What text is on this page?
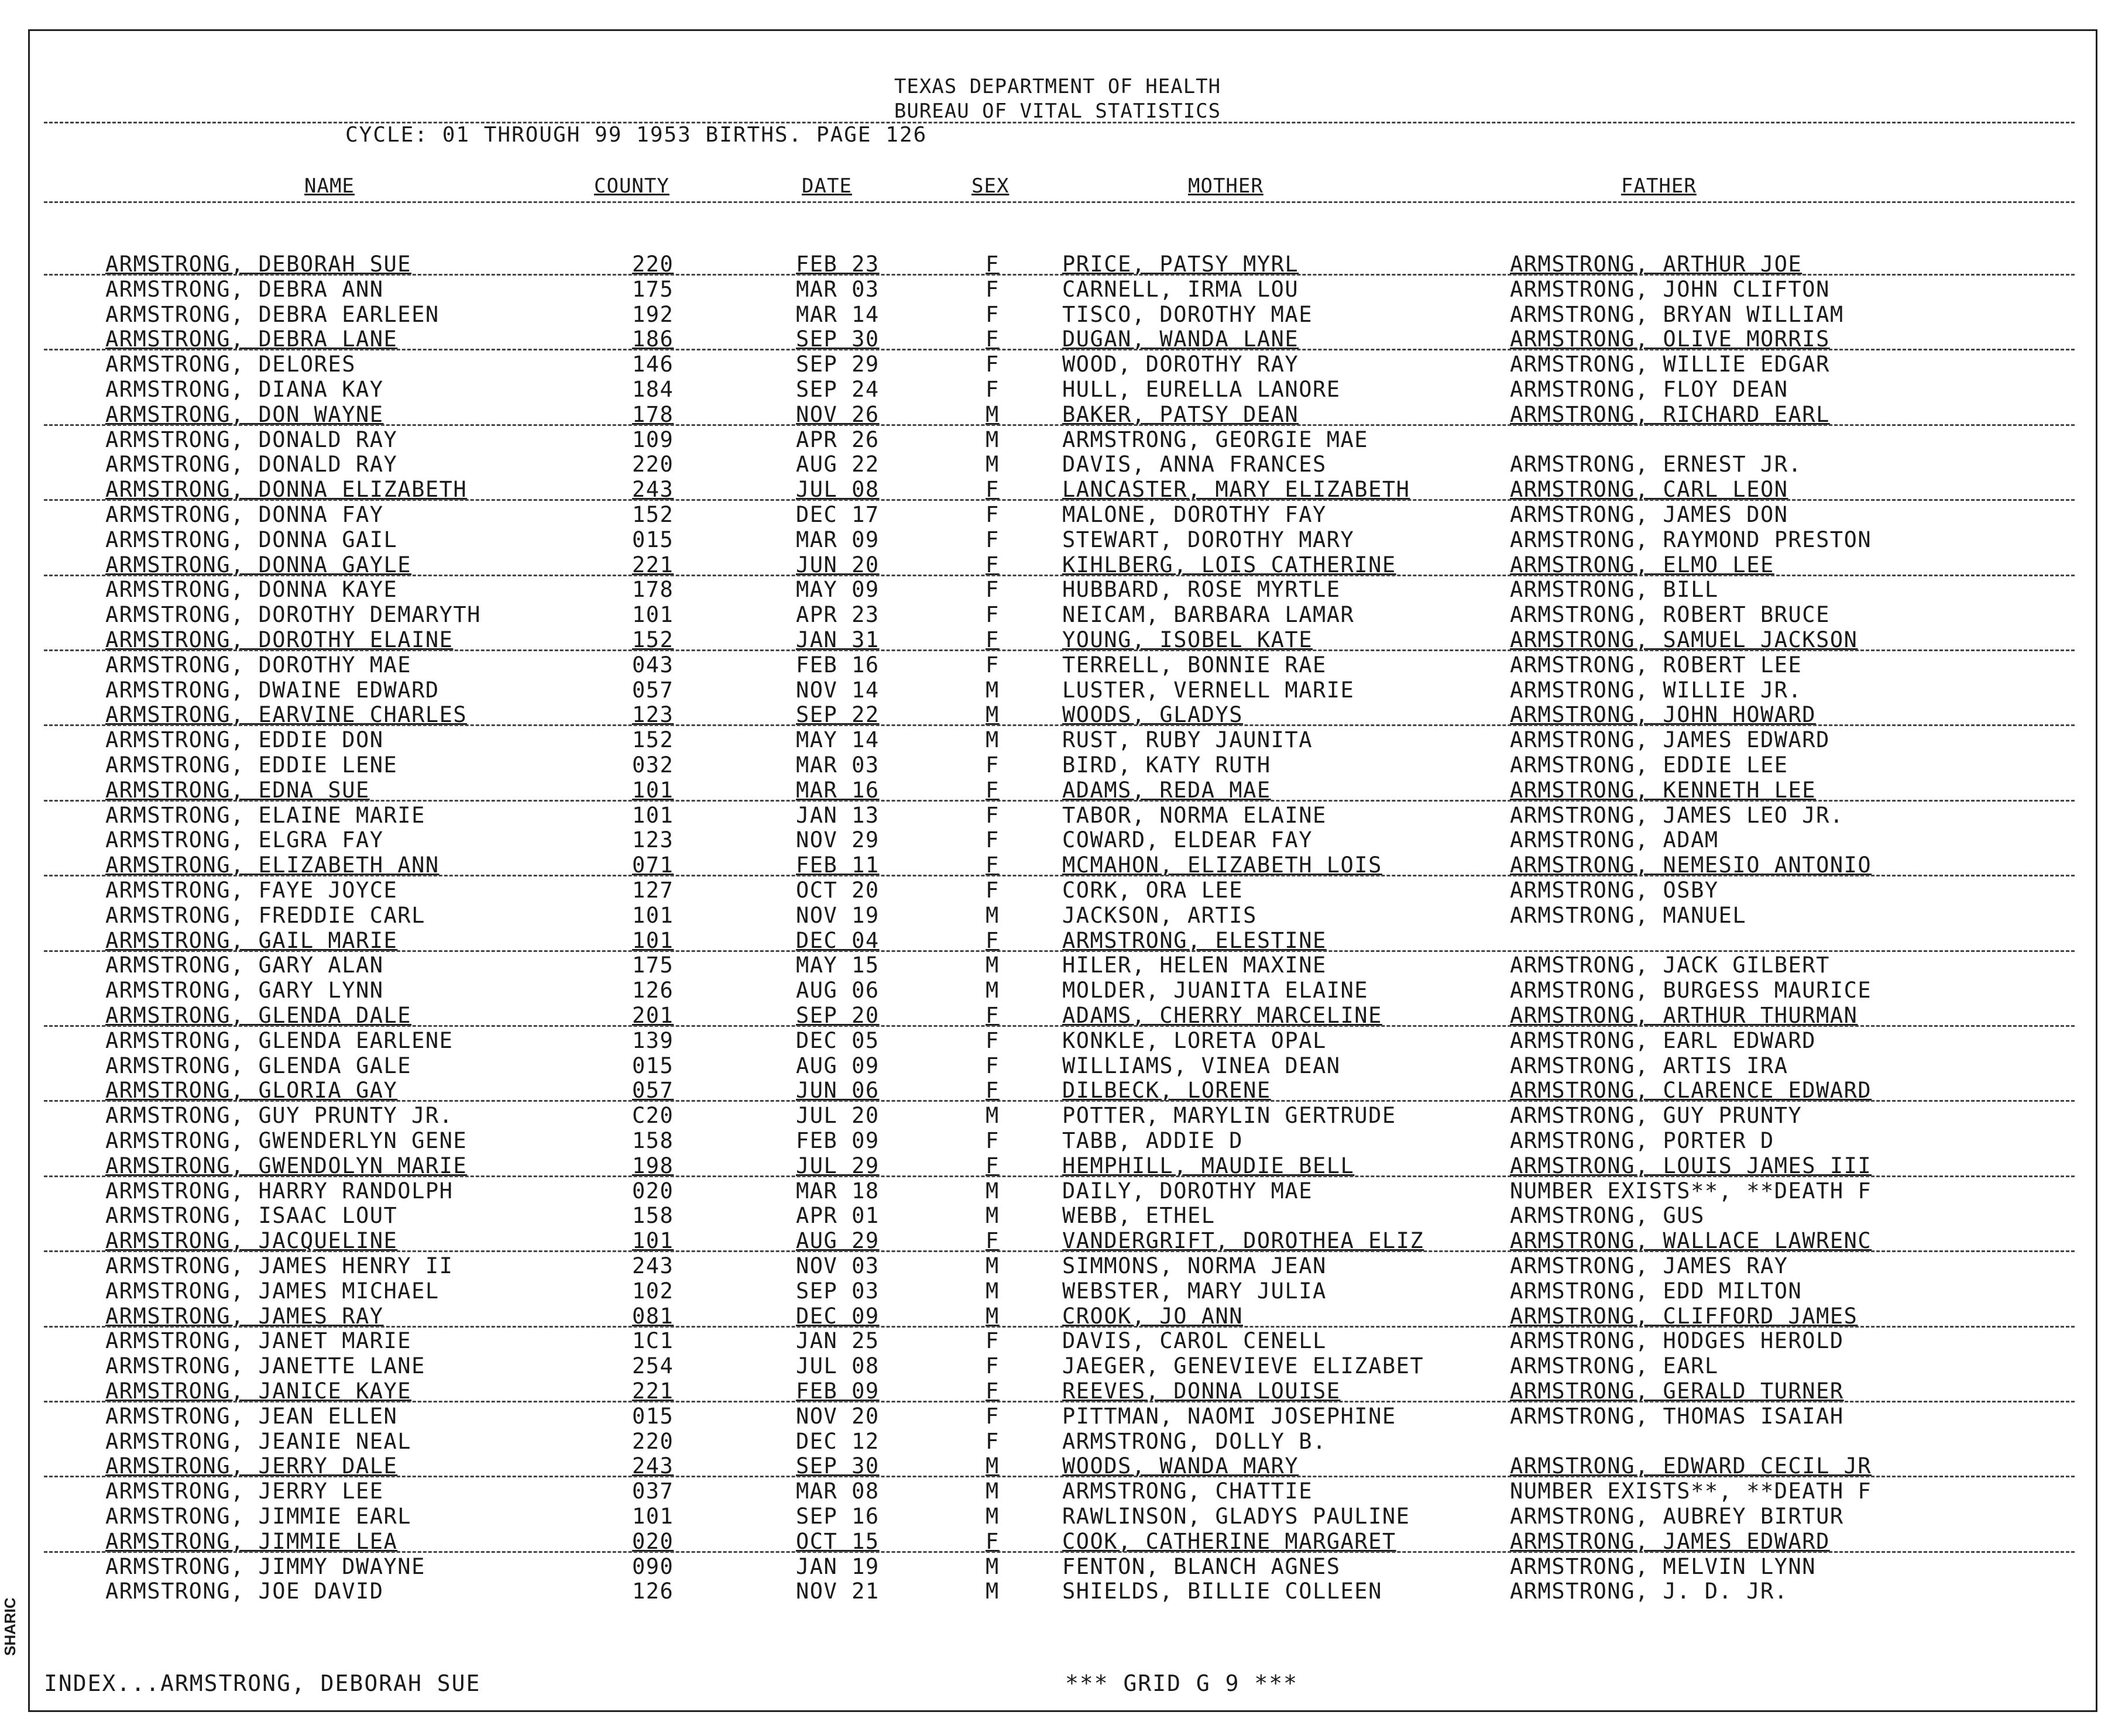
TEXAS DEPARTMENT OF HEALTH
BUREAU OF VITAL STATISTICS
CYCLE: 01 THROUGH 99 1953 BIRTHS. PAGE 126
NAME	COUNTY	DATE	SEX	MOTHER	FATHER
ARMSTRONG, DEBORAH SUE	220	FEB 23	F	PRICE, PATSY MYRL	ARMSTRONG, ARTHUR JOE
ARMSTRONG, DEBRA ANN	175	MAR 03	F	CARNELL, IRMA LOU	ARMSTRONG, JOHN CLIFTON
ARMSTRONG, DEBRA EARLEEN	192	MAR 14	F	TISCO, DOROTHY MAE	ARMSTRONG, BRYAN WILLIAM
ARMSTRONG, DEBRA LANE	186	SEP 30	F	DUGAN, WANDA LANE	ARMSTRONG, OLIVE MORRIS
ARMSTRONG, DELORES	146	SEP 29	F	WOOD, DOROTHY RAY	ARMSTRONG, WILLIE EDGAR
ARMSTRONG, DIANA KAY	184	SEP 24	F	HULL, EURELLA LANORE	ARMSTRONG, FLOY DEAN
ARMSTRONG, DON WAYNE	178	NOV 26	M	BAKER, PATSY DEAN	ARMSTRONG, RICHARD EARL
ARMSTRONG, DONALD RAY	109	APR 26	M	ARMSTRONG, GEORGIE MAE
ARMSTRONG, DONALD RAY	220	AUG 22	M	DAVIS, ANNA FRANCES	ARMSTRONG, ERNEST JR.
ARMSTRONG, DONNA ELIZABETH	243	JUL 08	F	LANCASTER, MARY ELIZABETH	ARMSTRONG, CARL LEON
ARMSTRONG, DONNA FAY	152	DEC 17	F	MALONE, DOROTHY FAY	ARMSTRONG, JAMES DON
ARMSTRONG, DONNA GAIL	015	MAR 09	F	STEWART, DOROTHY MARY	ARMSTRONG, RAYMOND PRESTON
ARMSTRONG, DONNA GAYLE	221	JUN 20	F	KIHLBERG, LOIS CATHERINE	ARMSTRONG, ELMO LEE
ARMSTRONG, DONNA KAYE	178	MAY 09	F	HUBBARD, ROSE MYRTLE	ARMSTRONG, BILL
ARMSTRONG, DOROTHY DEMARYTH	101	APR 23	F	NEICAM, BARBARA LAMAR	ARMSTRONG, ROBERT BRUCE
ARMSTRONG, DOROTHY ELAINE	152	JAN 31	F	YOUNG, ISOBEL KATE	ARMSTRONG, SAMUEL JACKSON
ARMSTRONG, DOROTHY MAE	043	FEB 16	F	TERRELL, BONNIE RAE	ARMSTRONG, ROBERT LEE
ARMSTRONG, DWAINE EDWARD	057	NOV 14	M	LUSTER, VERNELL MARIE	ARMSTRONG, WILLIE JR.
ARMSTRONG, EARVINE CHARLES	123	SEP 22	M	WOODS, GLADYS	ARMSTRONG, JOHN HOWARD
ARMSTRONG, EDDIE DON	152	MAY 14	M	RUST, RUBY JAUNITA	ARMSTRONG, JAMES EDWARD
ARMSTRONG, EDDIE LENE	032	MAR 03	F	BIRD, KATY RUTH	ARMSTRONG, EDDIE LEE
ARMSTRONG, EDNA SUE	101	MAR 16	F	ADAMS, REDA MAE	ARMSTRONG, KENNETH LEE
ARMSTRONG, ELAINE MARIE	101	JAN 13	F	TABOR, NORMA ELAINE	ARMSTRONG, JAMES LEO JR.
ARMSTRONG, ELGRA FAY	123	NOV 29	F	COWARD, ELDEAR FAY	ARMSTRONG, ADAM
ARMSTRONG, ELIZABETH ANN	071	FEB 11	F	MCMAHON, ELIZABETH LOIS	ARMSTRONG, NEMESIO ANTONIO
ARMSTRONG, FAYE JOYCE	127	OCT 20	F	CORK, ORA LEE	ARMSTRONG, OSBY
ARMSTRONG, FREDDIE CARL	101	NOV 19	M	JACKSON, ARTIS	ARMSTRONG, MANUEL
ARMSTRONG, GAIL MARIE	101	DEC 04	F	ARMSTRONG, ELESTINE
ARMSTRONG, GARY ALAN	175	MAY 15	M	HILER, HELEN MAXINE	ARMSTRONG, JACK GILBERT
ARMSTRONG, GARY LYNN	126	AUG 06	M	MOLDER, JUANITA ELAINE	ARMSTRONG, BURGESS MAURICE
ARMSTRONG, GLENDA DALE	201	SEP 20	F	ADAMS, CHERRY MARCELINE	ARMSTRONG, ARTHUR THURMAN
ARMSTRONG, GLENDA EARLENE	139	DEC 05	F	KONKLE, LORETA OPAL	ARMSTRONG, EARL EDWARD
ARMSTRONG, GLENDA GALE	015	AUG 09	F	WILLIAMS, VINEA DEAN	ARMSTRONG, ARTIS IRA
ARMSTRONG, GLORIA GAY	057	JUN 06	F	DILBECK, LORENE	ARMSTRONG, CLARENCE EDWARD
ARMSTRONG, GUY PRUNTY JR.	C20	JUL 20	M	POTTER, MARYLIN GERTRUDE	ARMSTRONG, GUY PRUNTY
ARMSTRONG, GWENDERLYN GENE	158	FEB 09	F	TABB, ADDIE D	ARMSTRONG, PORTER D
ARMSTRONG, GWENDOLYN MARIE	198	JUL 29	F	HEMPHILL, MAUDIE BELL	ARMSTRONG, LOUIS JAMES III
ARMSTRONG, HARRY RANDOLPH	020	MAR 18	M	DAILY, DOROTHY MAE	NUMBER EXISTS**, **DEATH F
ARMSTRONG, ISAAC LOUT	158	APR 01	M	WEBB, ETHEL	ARMSTRONG, GUS
ARMSTRONG, JACQUELINE	101	AUG 29	F	VANDERGRIFT, DOROTHEA ELIZ	ARMSTRONG, WALLACE LAWRENC
ARMSTRONG, JAMES HENRY II	243	NOV 03	M	SIMMONS, NORMA JEAN	ARMSTRONG, JAMES RAY
ARMSTRONG, JAMES MICHAEL	102	SEP 03	M	WEBSTER, MARY JULIA	ARMSTRONG, EDD MILTON
ARMSTRONG, JAMES RAY	081	DEC 09	M	CROOK, JO ANN	ARMSTRONG, CLIFFORD JAMES
ARMSTRONG, JANET MARIE	1C1	JAN 25	F	DAVIS, CAROL CENELL	ARMSTRONG, HODGES HEROLD
ARMSTRONG, JANETTE LANE	254	JUL 08	F	JAEGER, GENEVIEVE ELIZABET	ARMSTRONG, EARL
ARMSTRONG, JANICE KAYE	221	FEB 09	F	REEVES, DONNA LOUISE	ARMSTRONG, GERALD TURNER
ARMSTRONG, JEAN ELLEN	015	NOV 20	F	PITTMAN, NAOMI JOSEPHINE	ARMSTRONG, THOMAS ISAIAH
ARMSTRONG, JEANIE NEAL	220	DEC 12	F	ARMSTRONG, DOLLY B.
ARMSTRONG, JERRY DALE	243	SEP 30	M	WOODS, WANDA MARY	ARMSTRONG, EDWARD CECIL JR
ARMSTRONG, JERRY LEE	037	MAR 08	M	ARMSTRONG, CHATTIE	NUMBER EXISTS**, **DEATH F
ARMSTRONG, JIMMIE EARL	101	SEP 16	M	RAWLINSON, GLADYS PAULINE	ARMSTRONG, AUBREY BIRTUR
ARMSTRONG, JIMMIE LEA	020	OCT 15	F	COOK, CATHERINE MARGARET	ARMSTRONG, JAMES EDWARD
ARMSTRONG, JIMMY DWAYNE	090	JAN 19	M	FENTON, BLANCH AGNES	ARMSTRONG, MELVIN LYNN
ARMSTRONG, JOE DAVID	126	NOV 21	M	SHIELDS, BILLIE COLLEEN	ARMSTRONG, J. D. JR.
INDEX...ARMSTRONG, DEBORAH SUE	*** GRID G 9 ***
SHARIC
